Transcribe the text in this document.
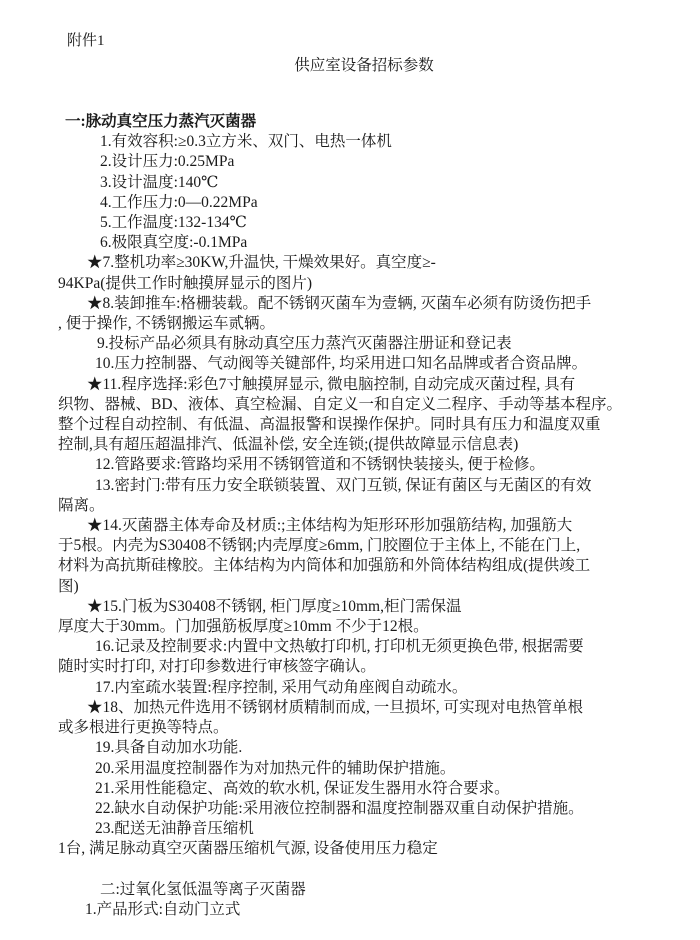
附件1
供应室设备招标参数
一:脉动真空压力蒸汽灭菌器
1.有效容积:≥0.3立方米、双门、电热一体机
2.设计压力:0.25MPa
3.设计温度:140℃
4.工作压力:0—0.22MPa
5.工作温度:132-134℃
6.极限真空度:-0.1MPa
★7.整机功率≥30KW,升温快, 干燥效果好。真空度≥-
94KPa(提供工作时触摸屏显示的图片)
★8.装卸推车:格栅装载。配不锈钢灭菌车为壹辆, 灭菌车必须有防烫伤把手
, 便于操作, 不锈钢搬运车贰辆。
9.投标产品必须具有脉动真空压力蒸汽灭菌器注册证和登记表
10.压力控制器、气动阀等关键部件, 均采用进口知名品牌或者合资品牌。
★11.程序选择:彩色7寸触摸屏显示, 微电脑控制, 自动完成灭菌过程, 具有
织物、器械、BD、液体、真空检漏、自定义一和自定义二程序、手动等基本程序。
整个过程自动控制、有低温、高温报警和误操作保护。同时具有压力和温度双重
控制,具有超压超温排汽、低温补偿, 安全连锁;(提供故障显示信息表)
12.管路要求:管路均采用不锈钢管道和不锈钢快装接头, 便于检修。
13.密封门:带有压力安全联锁装置、双门互锁, 保证有菌区与无菌区的有效
隔离。
★14.灭菌器主体寿命及材质:;主体结构为矩形环形加强筋结构, 加强筋大
于5根。内壳为S30408不锈钢;内壳厚度≥6mm, 门胶圈位于主体上, 不能在门上,
材料为高抗斯硅橡胶。主体结构为内筒体和加强筋和外筒体结构组成(提供竣工
图)
★15.门板为S30408不锈钢, 柜门厚度≥10mm,柜门需保温
厚度大于30mm。门加强筋板厚度≥10mm 不少于12根。
16.记录及控制要求:内置中文热敏打印机, 打印机无须更换色带, 根据需要
随时实时打印, 对打印参数进行审核签字确认。
17.内室疏水装置:程序控制, 采用气动角座阀自动疏水。
★18、加热元件选用不锈钢材质精制而成, 一旦损坏, 可实现对电热管单根
或多根进行更换等特点。
19.具备自动加水功能.
20.采用温度控制器作为对加热元件的辅助保护措施。
21.采用性能稳定、高效的软水机, 保证发生器用水符合要求。
22.缺水自动保护功能:采用液位控制器和温度控制器双重自动保护措施。
23.配送无油静音压缩机
1台, 满足脉动真空灭菌器压缩机气源, 设备使用压力稳定
二:过氧化氢低温等离子灭菌器
1.产品形式:自动门立式
